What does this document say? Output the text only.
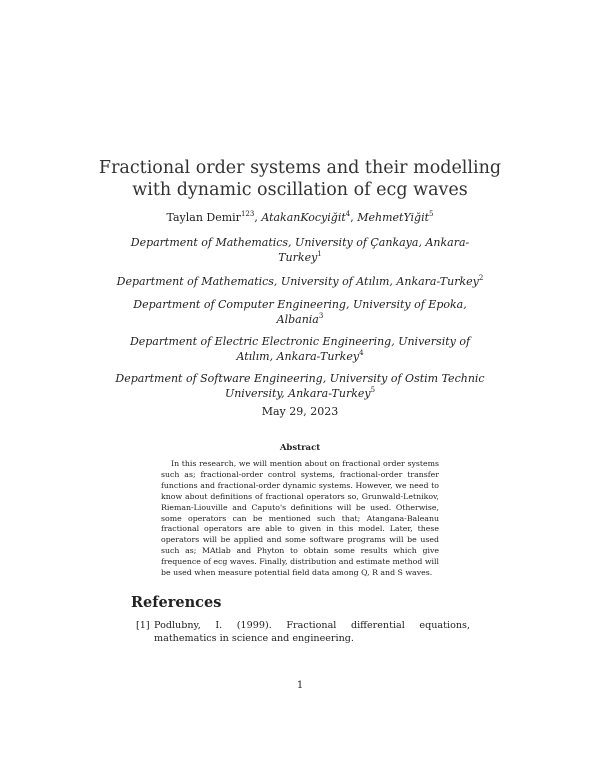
Fractional order systems and their modelling with dynamic oscillation of ecg waves
Taylan Demir$^{123}$, AtakanKocyiğit$^4$, MehmetYiğit$^5$
Department of Mathematics, University of Çankaya, Ankara-Turkey$^1$
Department of Mathematics, University of Atılım, Ankara-Turkey$^2$
Department of Computer Engineering, University of Epoka, Albania$^3$
Department of Electric Electronic Engineering, University of Atılım, Ankara-Turkey$^4$
Department of Software Engineering, University of Ostim Technic University, Ankara-Turkey$^5$
May 29, 2023
Abstract

In this research, we will mention about on fractional order systems such as; fractional-order control systems, fractional-order transfer functions and fractional-order dynamic systems. However, we need to know about definitions of fractional operators so, Grunwald-Letnikov, Rieman-Liouville and Caputo's definitions will be used. Otherwise, some operators can be mentioned such that; Atangana-Baleanu fractional operators are able to given in this model. Later, these operators will be applied and some software programs will be used such as; MAtlab and Phyton to obtain some results which give frequence of ecg waves. Finally, distribution and estimate method will be used when measure potential field data among Q, R and S waves.

References
[1] Podlubny, I. (1999). Fractional differential equations, mathematics in science and engineering.
1
